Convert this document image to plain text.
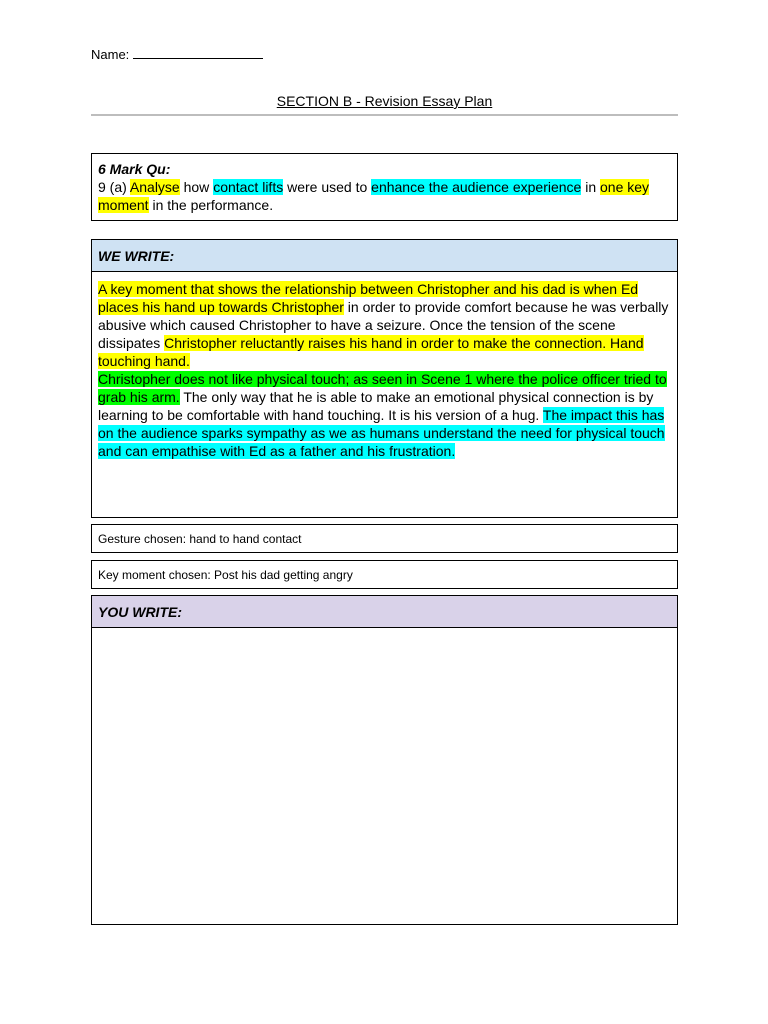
Name:
SECTION B - Revision Essay Plan
6 Mark Qu:
9 (a) Analyse how contact lifts were used to enhance the audience experience in one key moment in the performance.
WE WRITE:
A key moment that shows the relationship between Christopher and his dad is when Ed places his hand up towards Christopher in order to provide comfort because he was verbally abusive which caused Christopher to have a seizure. Once the tension of the scene dissipates Christopher reluctantly raises his hand in order to make the connection. Hand touching hand.
Christopher does not like physical touch; as seen in Scene 1 where the police officer tried to grab his arm. The only way that he is able to make an emotional physical connection is by learning to be comfortable with hand touching. It is his version of a hug. The impact this has on the audience sparks sympathy as we as humans understand the need for physical touch and can empathise with Ed as a father and his frustration.
Gesture chosen: hand to hand contact
Key moment chosen: Post his dad getting angry
YOU WRITE:
